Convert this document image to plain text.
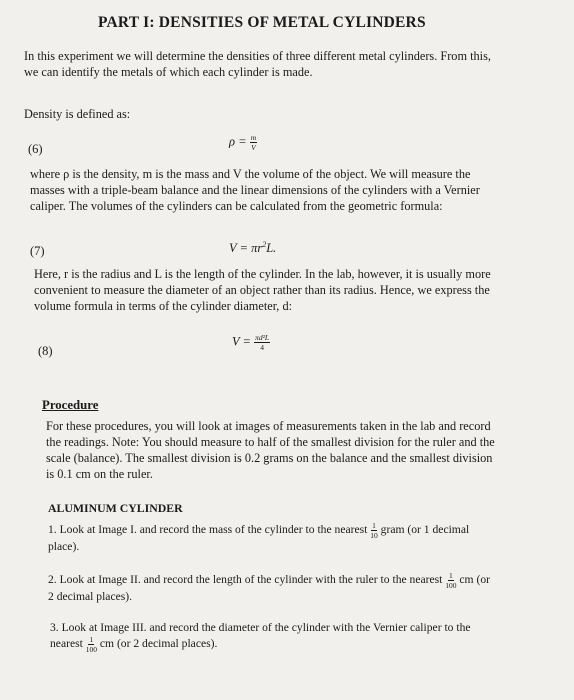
PART I: DENSITIES OF METAL CYLINDERS
In this experiment we will determine the densities of three different metal cylinders. From this, we can identify the metals of which each cylinder is made.
Density is defined as:
(6)
$\rho = \frac{m}{V}$
where ρ is the density, m is the mass and V the volume of the object. We will measure the masses with a triple-beam balance and the linear dimensions of the cylinders with a Vernier caliper. The volumes of the cylinders can be calculated from the geometric formula:
(7)	$V = \pi r^2L$.
Here, r is the radius and L is the length of the cylinder. In the lab, however, it is usually more convenient to measure the diameter of an object rather than its radius. Hence, we express the volume formula in terms of the cylinder diameter, d:
(8)
$V = \frac{\text{πd²L}}{4}$
Procedure
For these procedures, you will look at images of measurements taken in the lab and record the readings. Note: You should measure to half of the smallest division for the ruler and the scale (balance). The smallest division is 0.2 grams on the balance and the smallest division is 0.1 cm on the ruler.
ALUMINUM CYLINDER
1. Look at Image I. and record the mass of the cylinder to the nearest $\frac{1}{10}$ gram (or 1 decimal place).
2. Look at Image II. and record the length of the cylinder with the ruler to the nearest $\frac{1}{100}$ cm (or 2 decimal places).
3. Look at Image III. and record the diameter of the cylinder with the Vernier caliper to the nearest $\frac{1}{100}$ cm (or 2 decimal places).
